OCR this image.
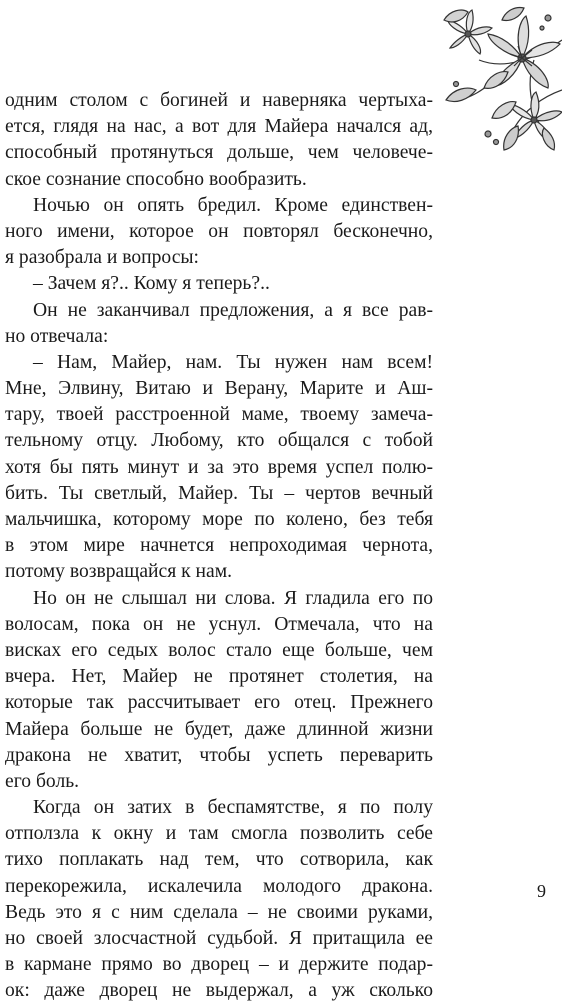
одним столом с богиней и наверняка чертыха-
ется, глядя на нас, а вот для Майера начался ад,
способный протянуться дольше, чем человече-
ское сознание способно вообразить.
Ночью он опять бредил. Кроме единствен-
ного имени, которое он повторял бесконечно,
я разобрала и вопросы:
– Зачем я?.. Кому я теперь?..
Он не заканчивал предложения, а я все рав-
но отвечала:
– Нам, Майер, нам. Ты нужен нам всем!
Мне, Элвину, Витаю и Верану, Марите и Аш-
тару, твоей расстроенной маме, твоему замеча-
тельному отцу. Любому, кто общался с тобой
хотя бы пять минут и за это время успел полю-
бить. Ты светлый, Майер. Ты – чертов вечный
мальчишка, которому море по колено, без тебя
в этом мире начнется непроходимая чернота,
потому возвращайся к нам.
Но он не слышал ни слова. Я гладила его по
волосам, пока он не уснул. Отмечала, что на
висках его седых волос стало еще больше, чем
вчера. Нет, Майер не протянет столетия, на
которые так рассчитывает его отец. Прежнего
Майера больше не будет, даже длинной жизни
дракона не хватит, чтобы успеть переварить
его боль.
Когда он затих в беспамятстве, я по полу
отползла к окну и там смогла позволить себе
тихо поплакать над тем, что сотворила, как
перекорежила, искалечила молодого дракона.
Ведь это я с ним сделала – не своими руками,
но своей злосчастной судьбой. Я притащила ее
в кармане прямо во дворец – и держите подар-
ок: даже дворец не выдержал, а уж сколько
9
